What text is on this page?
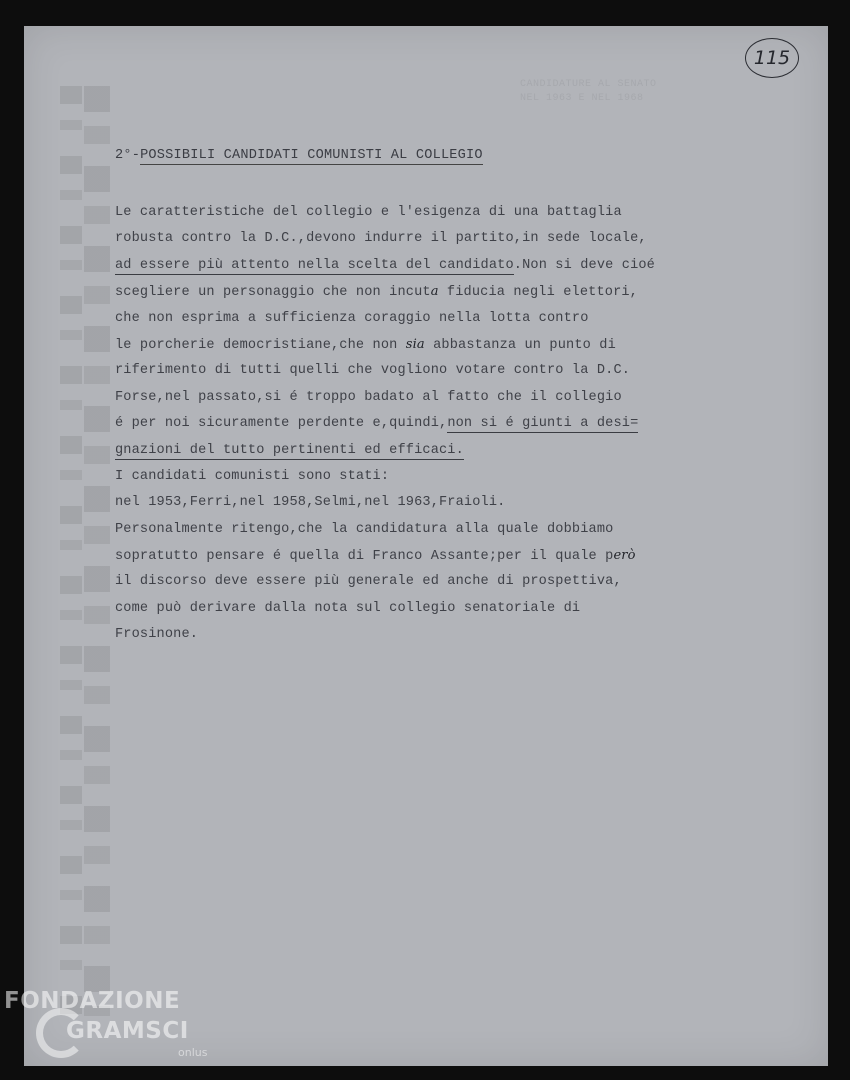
CANDIDATURE AL SENATO
NEL 1963 E NEL 1968
115
2°-POSSIBILI CANDIDATI COMUNISTI AL COLLEGIO
Le caratteristiche del collegio e l'esigenza di una battaglia
robusta contro la D.C.,devono indurre il partito,in sede locale,
ad essere più attento nella scelta del candidato.Non si deve cioé
scegliere un personaggio che non incuta fiducia negli elettori,
che non esprima a sufficienza coraggio nella lotta contro
le porcherie democristiane,che non sia abbastanza un punto di
riferimento di tutti quelli che vogliono votare contro la D.C.
Forse,nel passato,si é troppo badato al fatto che il collegio
é per noi sicuramente perdente e,quindi,non si é giunti a desi=
gnazioni del tutto pertinenti ed efficaci.
I candidati comunisti sono stati:
nel 1953,Ferri,nel 1958,Selmi,nel 1963,Fraioli.
Personalmente ritengo,che la candidatura alla quale dobbiamo
sopratutto pensare é quella di Franco Assante;per il quale però
il discorso deve essere più generale ed anche di prospettiva,
come può derivare dalla nota sul collegio senatoriale di
Frosinone.
FONDAZIONE
GRAMSCI
onlus
